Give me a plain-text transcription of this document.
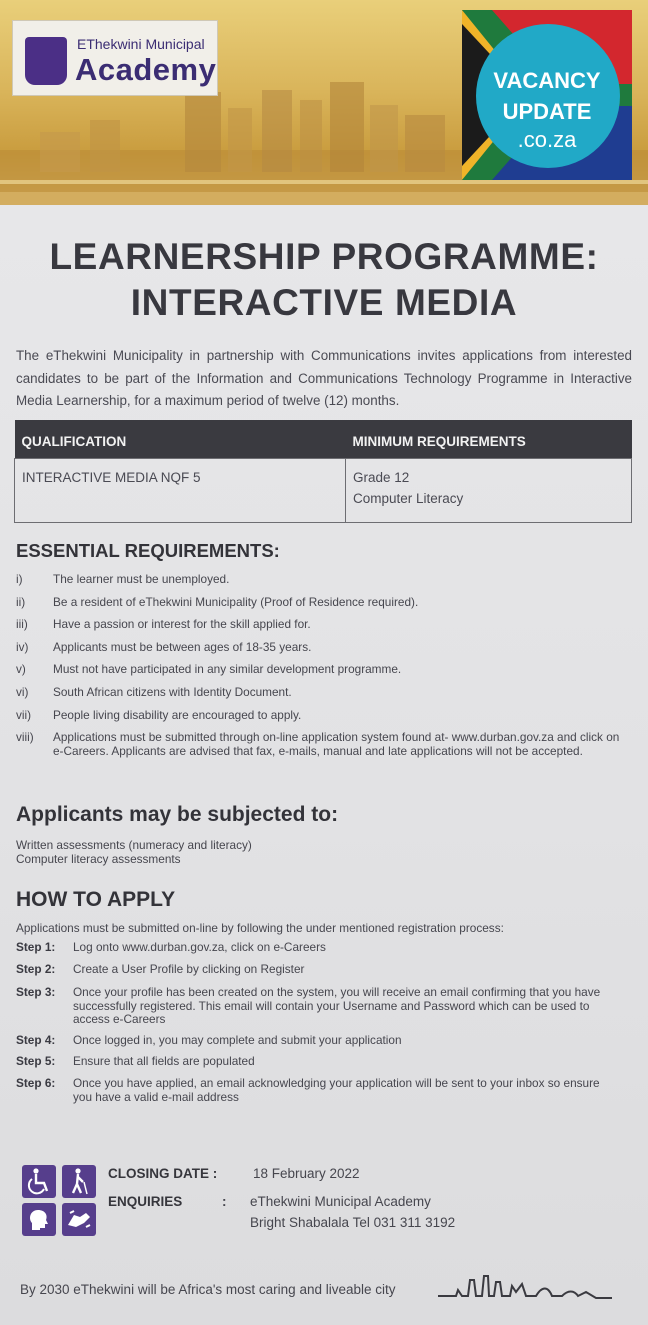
EThekwini Municipal
Academy	VACANCY
UPDATE
.co.za
LEARNERSHIP PROGRAMME:
INTERACTIVE MEDIA
The eThekwini Municipality in partnership with Communications invites applications from interested candidates to be part of the Information and Communications Technology Programme in Interactive Media Learnership, for a maximum period of twelve (12) months.
QUALIFICATION	MINIMUM REQUIREMENTS
INTERACTIVE MEDIA NQF 5	Grade 12
Computer Literacy
ESSENTIAL REQUIREMENTS:
i)	The learner must be unemployed.
ii)	Be a resident of eThekwini Municipality (Proof of Residence required).
iii)	Have a passion or interest for the skill applied for.
iv)	Applicants must be between ages of 18-35 years.
v)	Must not have participated in any similar development programme.
vi)	South African citizens with Identity Document.
vii)	People living disability are encouraged to apply.
viii)	Applications must be submitted through on-line application system found at- www.durban.gov.za and click on e-Careers. Applicants are advised that fax, e-mails, manual and late applications will not be accepted.
Applicants may be subjected to:
Written assessments (numeracy and literacy)
Computer literacy assessments
HOW TO APPLY
Applications must be submitted on-line by following the under mentioned registration process:
Step 1: Log onto www.durban.gov.za, click on e-Careers
Step 2: Create a User Profile by clicking on Register
Step 3: Once your profile has been created on the system, you will receive an email confirming that you have successfully registered. This email will contain your Username and Password which can be used to access e-Careers
Step 4: Once logged in, you may complete and submit your application
Step 5: Ensure that all fields are populated
Step 6: Once you have applied, an email acknowledging your application will be sent to your inbox so ensure you have a valid e-mail address
CLOSING DATE :	18 February 2022
ENQUIRIES	: eThekwini Municipal Academy
Bright Shabalala Tel 031 311 3192
By 2030 eThekwini will be Africa's most caring and liveable city
